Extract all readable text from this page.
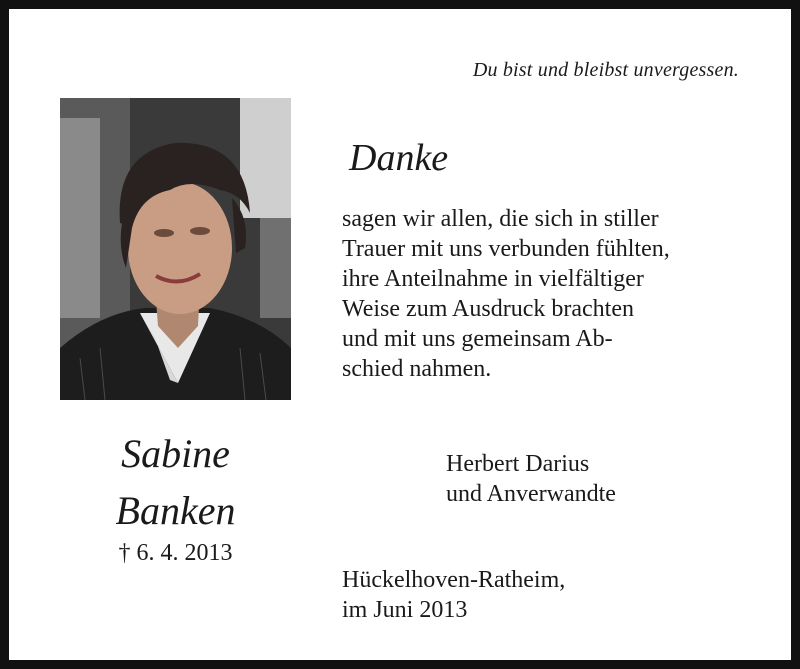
Du bist und bleibst unvergessen.
Sabine
Banken
† 6. 4. 2013
Danke
sagen wir allen, die sich in stiller
Trauer mit uns verbunden fühlten,
ihre Anteilnahme in vielfältiger
Weise zum Ausdruck brachten
und mit uns gemeinsam Ab-
schied nahmen.
Herbert Darius
und Anverwandte
Hückelhoven-Ratheim,
im Juni 2013
